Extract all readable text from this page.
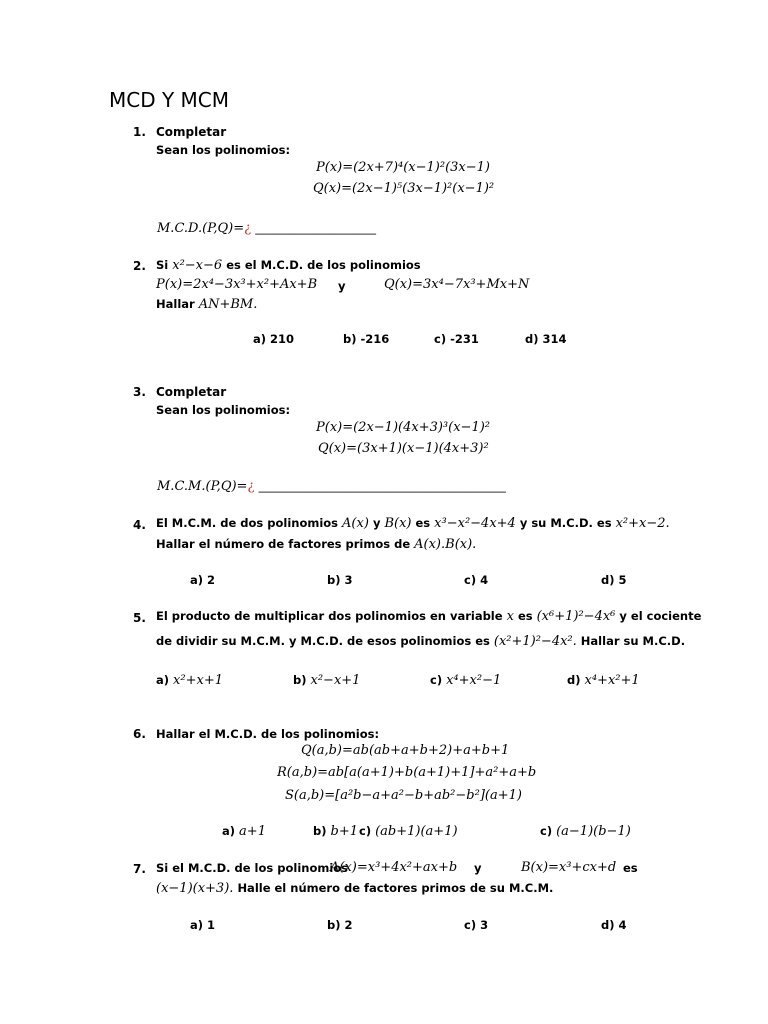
MCD Y MCM
1. Completar
Sean los polinomios:
P(x)=(2x+7)⁴(x−1)²(3x−1)
Q(x)=(2x−1)⁵(3x−1)²(x−1)²
M.C.D.(P,Q)=¿ _____________________
2. Si x²−x−6 es el M.C.D. de los polinomios
P(x)=2x⁴−3x³+x²+Ax+B y	Q(x)=3x⁴−7x³+Mx+N
Hallar AN+BM.
a) 210	b) -216	c) -231	d) 314
3. Completar
Sean los polinomios:
P(x)=(2x−1)(4x+3)³(x−1)²
Q(x)=(3x+1)(x−1)(4x+3)²
M.C.M.(P,Q)=¿ ___________________________________________
4. El M.C.M. de dos polinomios A(x) y B(x) es x³−x²−4x+4 y su M.C.D. es x²+x−2.
Hallar el número de factores primos de A(x).B(x).
a) 2	b) 3	c) 4	d) 5
5. El producto de multiplicar dos polinomios en variable x es (x⁶+1)²−4x⁶ y el cociente
de dividir su M.C.M. y M.C.D. de esos polinomios es (x²+1)²−4x². Hallar su M.C.D.
a) x²+x+1	b) x²−x+1	c) x⁴+x²−1	d) x⁴+x²+1
6. Hallar el M.C.D. de los polinomios:
Q(a,b)=ab(ab+a+b+2)+a+b+1
R(a,b)=ab[a(a+1)+b(a+1)+1]+a²+a+b
S(a,b)=[a²b−a+a²−b+ab²−b²](a+1)
a) a+1	b) b+1 c) (ab+1)(a+1)	c) (a−1)(b−1)
7. Si el M.C.D. de los polinomios
A(x)=x³+4x²+ax+b y	B(x)=x³+cx+d es
(x−1)(x+3). Halle el número de factores primos de su M.C.M.
a) 1	b) 2	c) 3	d) 4
